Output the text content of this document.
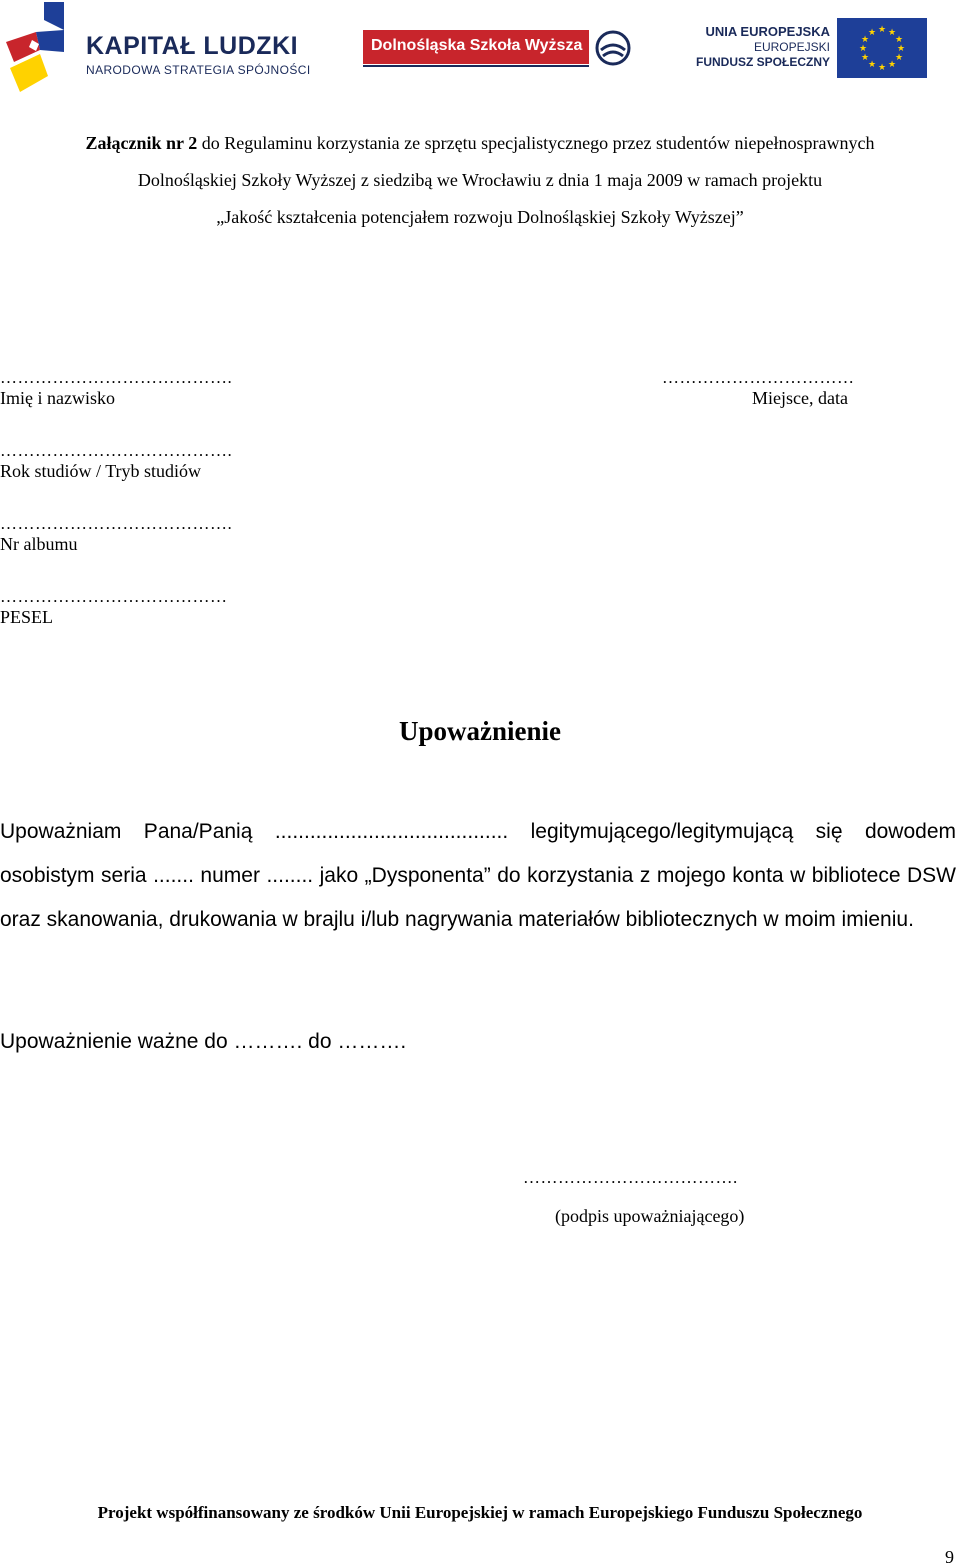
KAPITAŁ LUDZKI
NARODOWA STRATEGIA SPÓJNOŚCI
Dolnośląska Szkoła Wyższa
UNIA EUROPEJSKA
EUROPEJSKI
FUNDUSZ SPOŁECZNY
★ ★
★
★
★
★
★
★
★
★
★
★
Załącznik nr 2 do Regulaminu korzystania ze sprzętu specjalistycznego przez studentów niepełnosprawnych
Dolnośląskiej Szkoły Wyższej z siedzibą we Wrocławiu z dnia 1 maja 2009 w ramach projektu
„Jakość kształcenia potencjałem rozwoju Dolnośląskiej Szkoły Wyższej”
………………………………….
Imię i nazwisko
……………………………
Miejsce, data
………………………………….
Rok studiów / Tryb studiów
………………………………….
Nr albumu
…………………………………
PESEL
Upoważnienie
Upoważniam Pana/Panią ........................................ legitymującego/legitymującą się dowodem osobistym seria ....... numer ........ jako „Dysponenta” do korzystania z mojego konta w bibliotece DSW oraz skanowania, drukowania w brajlu i/lub nagrywania materiałów bibliotecznych w moim imieniu.
Upoważnienie ważne do ………. do ……….
……………………………….
(podpis upoważniającego)
Projekt współfinansowany ze środków Unii Europejskiej w ramach Europejskiego Funduszu Społecznego
9
